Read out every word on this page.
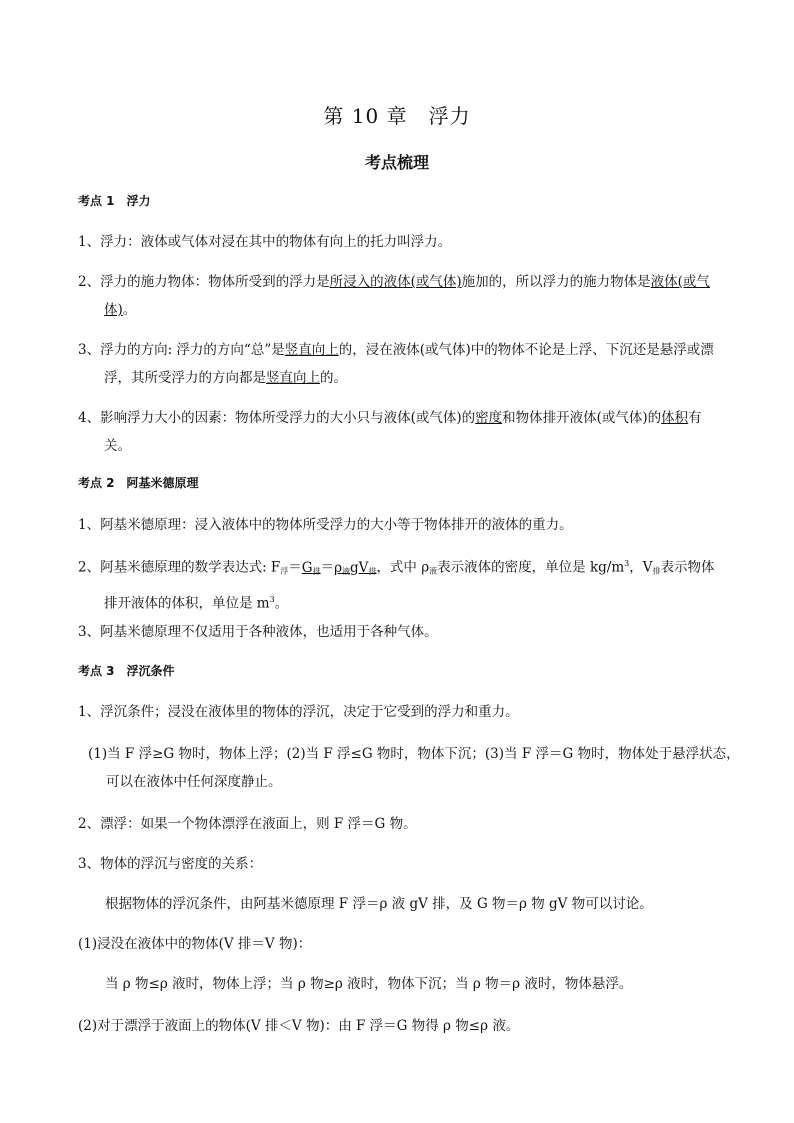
第 10 章　浮力
考点梳理
考点 1　浮力
1、浮力：液体或气体对浸在其中的物体有向上的托力叫浮力。
2、浮力的施力物体：物体所受到的浮力是所浸入的液体(或气体)施加的，所以浮力的施力物体是液体(或气体)。
3、浮力的方向: 浮力的方向“总”是竖直向上的，浸在液体(或气体)中的物体不论是上浮、下沉还是悬浮或漂浮，其所受浮力的方向都是竖直向上的。
4、影响浮力大小的因素：物体所受浮力的大小只与液体(或气体)的密度和物体排开液体(或气体)的体积有关。
考点 2　阿基米德原理
1、阿基米德原理：浸入液体中的物体所受浮力的大小等于物体排开的液体的重力。
2、阿基米德原理的数学表达式: $F_浮=G_排=\rho_液gV_排$，式中 $\rho_液$表示液体的密度，单位是 $kg/m^3$，$V_排$表示物体排开液体的体积，单位是 $m^3$。
3、阿基米德原理不仅适用于各种液体，也适用于各种气体。
考点 3　浮沉条件
1、浮沉条件；浸没在液体里的物体的浮沉，决定于它受到的浮力和重力。
(1)当 F 浮≥G 物时，物体上浮；(2)当 F 浮≤G 物时，物体下沉；(3)当 F 浮＝G 物时，物体处于悬浮状态，可以在液体中任何深度静止。
2、漂浮：如果一个物体漂浮在液面上，则 F 浮＝G 物。
3、物体的浮沉与密度的关系：
根据物体的浮沉条件，由阿基米德原理 F 浮＝ρ 液 gV 排，及 G 物＝ρ 物 gV 物可以讨论。
(1)浸没在液体中的物体(V 排＝V 物)：
当 ρ 物≤ρ 液时，物体上浮；当 ρ 物≥ρ 液时，物体下沉；当 ρ 物＝ρ 液时，物体悬浮。
(2)对于漂浮于液面上的物体(V 排＜V 物)：由 F 浮＝G 物得 ρ 物≤ρ 液。
